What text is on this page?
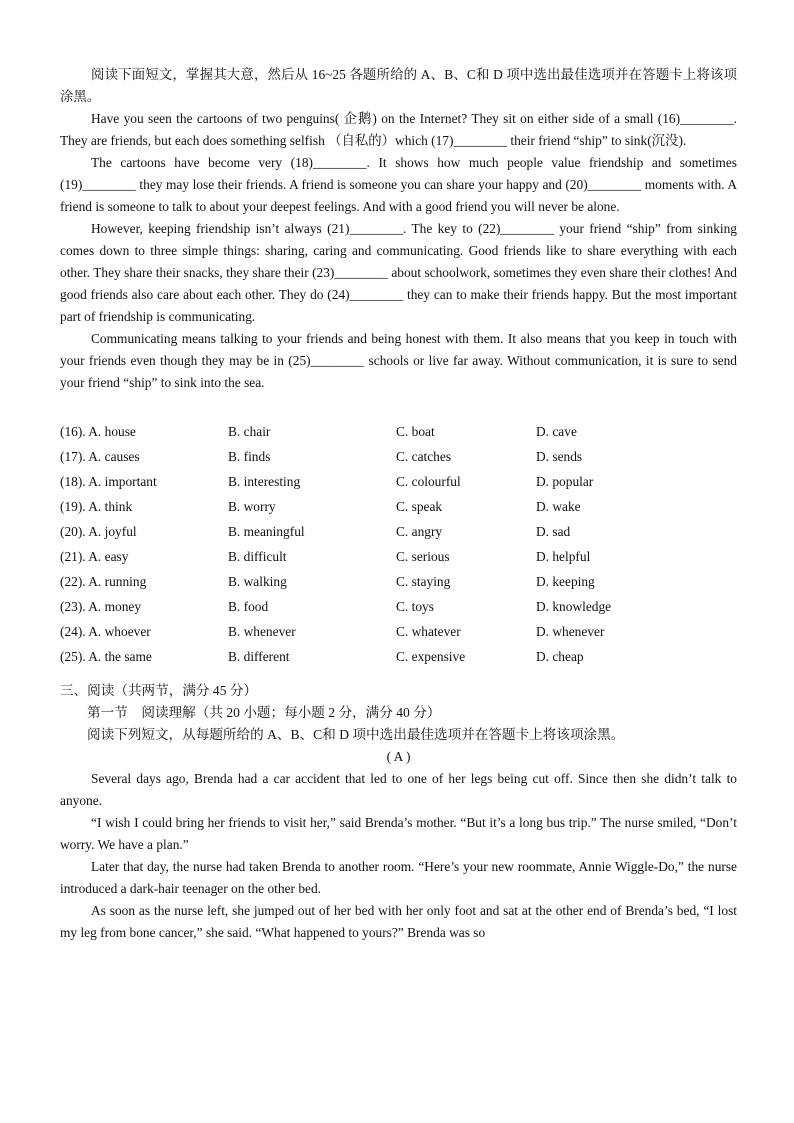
阅读下面短文，掌握其大意，然后从 16~25 各题所给的 A、B、C和 D 项中选出最佳选项并在答题卡上将该项涂黑。

Have you seen the cartoons of two penguins( 企鹅) on the Internet? They sit on either side of a small (16)________. They are friends, but each does something selfish （自私的）which (17)________ their friend “ship” to sink(沉没).

The cartoons have become very (18)________. It shows how much people value friendship and sometimes (19)________ they may lose their friends. A friend is someone you can share your happy and (20)________ moments with. A friend is someone to talk to about your deepest feelings. And with a good friend you will never be alone.

However, keeping friendship isn’t always (21)________. The key to (22)________ your friend “ship” from sinking comes down to three simple things: sharing, caring and communicating. Good friends like to share everything with each other. They share their snacks, they share their (23)________ about schoolwork, sometimes they even share their clothes! And good friends also care about each other. They do (24)________ they can to make their friends happy. But the most important part of friendship is communicating.

Communicating means talking to your friends and being honest with them. It also means that you keep in touch with your friends even though they may be in (25)________ schools or live far away. Without communication, it is sure to send your friend “ship” to sink into the sea.

(16). A. house	B. chair	C. boat	D. cave
(17). A. causes	B. finds	C. catches	D. sends
(18). A. important	B. interesting	C. colourful	D. popular
(19). A. think	B. worry	C. speak	D. wake
(20). A. joyful	B. meaningful	C. angry	D. sad
(21). A. easy	B. difficult	C. serious	D. helpful
(22). A. running	B. walking	C. staying	D. keeping
(23). A. money	B. food	C. toys	D. knowledge
(24). A. whoever	B. whenever	C. whatever	D. whenever
(25). A. the same	B. different	C. expensive	D. cheap
三、阅读（共两节，满分 45 分）
第一节　阅读理解（共 20 小题；每小题 2 分，满分 40 分）
阅读下列短文，从每题所给的 A、B、C和 D 项中选出最佳选项并在答题卡上将该项涂黑。
( A )

Several days ago, Brenda had a car accident that led to one of her legs being cut off. Since then she didn’t talk to anyone.

“I wish I could bring her friends to visit her,” said Brenda’s mother. “But it’s a long bus trip.” The nurse smiled, “Don’t worry. We have a plan.”

Later that day, the nurse had taken Brenda to another room. “Here’s your new roommate, Annie Wiggle-Do,” the nurse introduced a dark-hair teenager on the other bed.

As soon as the nurse left, she jumped out of her bed with her only foot and sat at the other end of Brenda’s bed, “I lost my leg from bone cancer,” she said. “What happened to yours?” Brenda was so
